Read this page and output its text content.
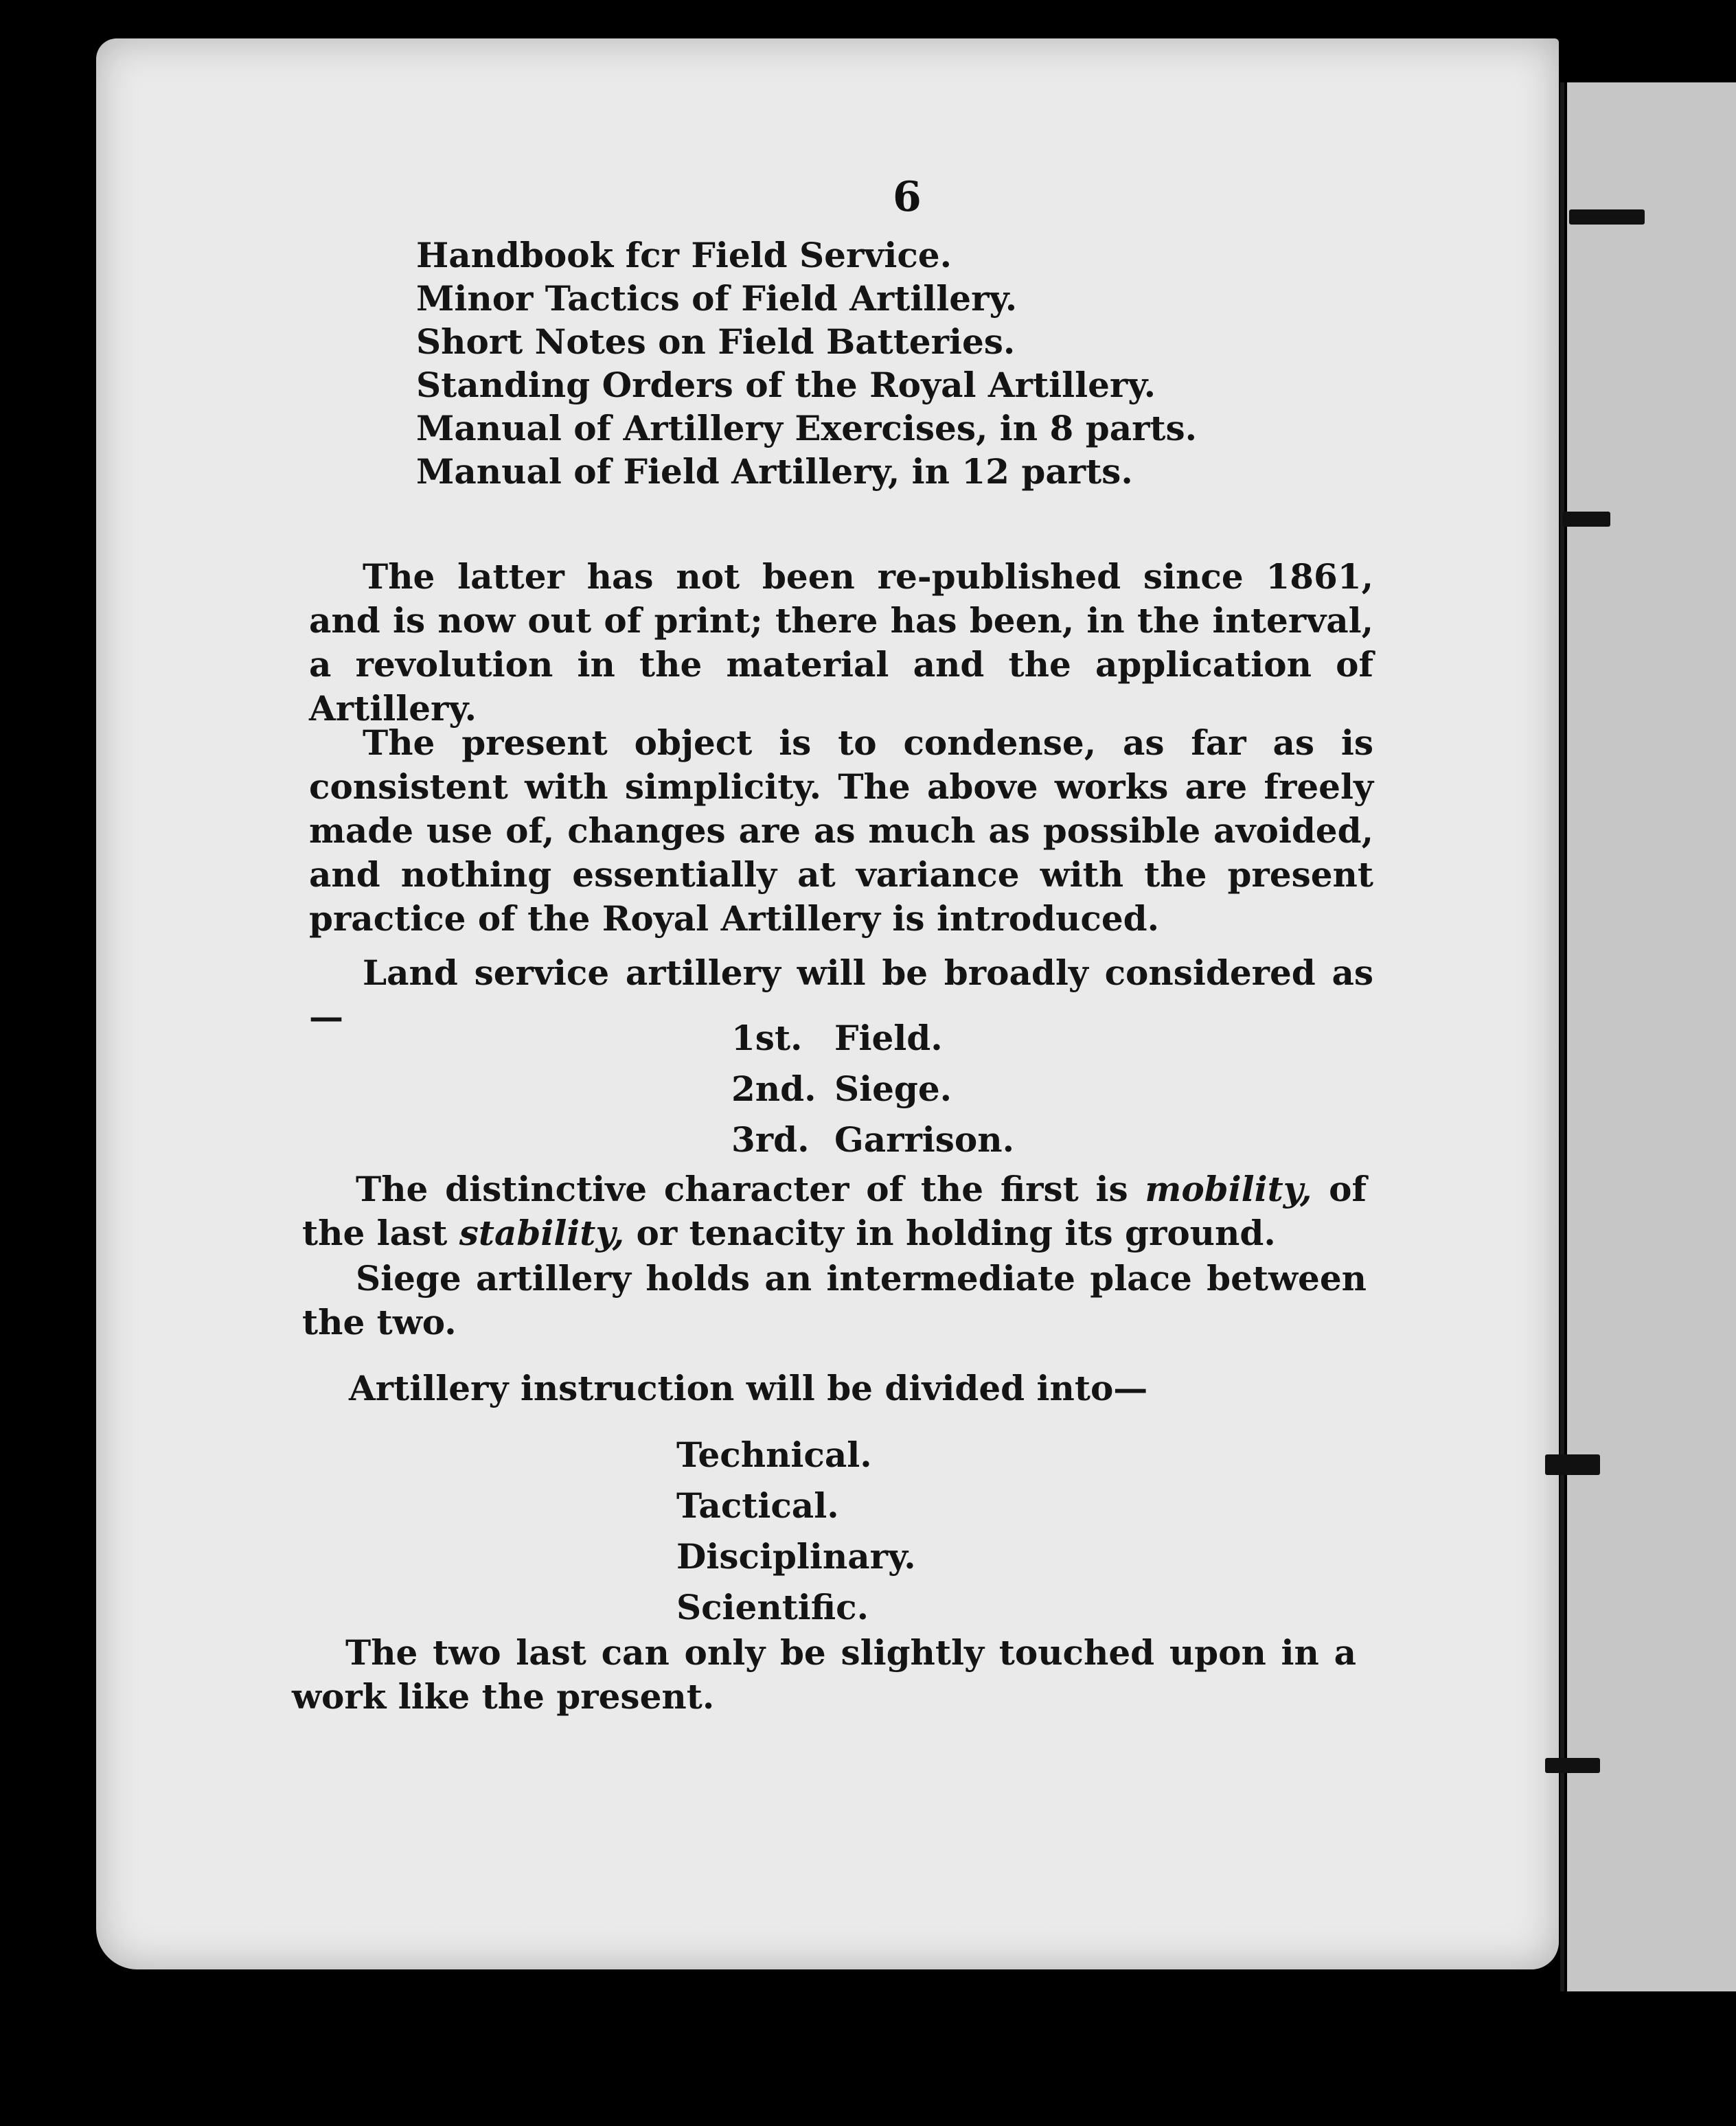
6
Handbook fcr Field Service.
Minor Tactics of Field Artillery.
Short Notes on Field Batteries.
Standing Orders of the Royal Artillery.
Manual of Artillery Exercises, in 8 parts.
Manual of Field Artillery, in 12 parts.
The latter has not been re-published since 1861, and is now out of print; there has been, in the interval, a revolution in the material and the application of Artillery.
The present object is to condense, as far as is consistent with simplicity. The above works are freely made use of, changes are as much as possible avoided, and nothing essentially at variance with the present practice of the Royal Artillery is introduced.
Land service artillery will be broadly considered as—
1st. Field.
2nd. Siege.
3rd. Garrison.
The distinctive character of the first is mobility, of the last stability, or tenacity in holding its ground.
Siege artillery holds an intermediate place between the two.
Artillery instruction will be divided into—
Technical.
Tactical.
Disciplinary.
Scientific.
The two last can only be slightly touched upon in a work like the present.
